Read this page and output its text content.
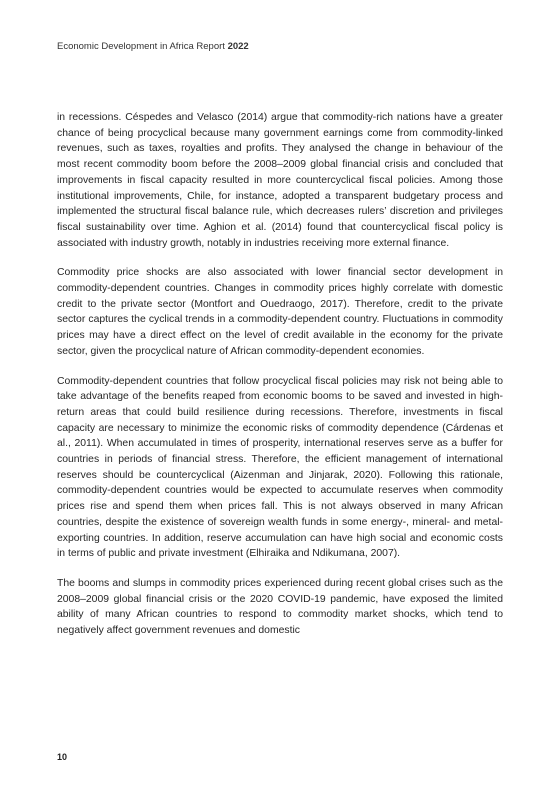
Economic Development in Africa Report 2022

in recessions. Céspedes and Velasco (2014) argue that commodity-rich nations have a greater chance of being procyclical because many government earnings come from commodity-linked revenues, such as taxes, royalties and profits. They analysed the change in behaviour of the most recent commodity boom before the 2008–2009 global financial crisis and concluded that improvements in fiscal capacity resulted in more countercyclical fiscal policies. Among those institutional improvements, Chile, for instance, adopted a transparent budgetary process and implemented the structural fiscal balance rule, which decreases rulers’ discretion and privileges fiscal sustainability over time. Aghion et al. (2014) found that countercyclical fiscal policy is associated with industry growth, notably in industries receiving more external finance.

Commodity price shocks are also associated with lower financial sector development in commodity-dependent countries. Changes in commodity prices highly correlate with domestic credit to the private sector (Montfort and Ouedraogo, 2017). Therefore, credit to the private sector captures the cyclical trends in a commodity-dependent country. Fluctuations in commodity prices may have a direct effect on the level of credit available in the economy for the private sector, given the procyclical nature of African commodity-dependent economies.

Commodity-dependent countries that follow procyclical fiscal policies may risk not being able to take advantage of the benefits reaped from economic booms to be saved and invested in high-return areas that could build resilience during recessions. Therefore, investments in fiscal capacity are necessary to minimize the economic risks of commodity dependence (Cárdenas et al., 2011). When accumulated in times of prosperity, international reserves serve as a buffer for countries in periods of financial stress. Therefore, the efficient management of international reserves should be countercyclical (Aizenman and Jinjarak, 2020). Following this rationale, commodity-dependent countries would be expected to accumulate reserves when commodity prices rise and spend them when prices fall. This is not always observed in many African countries, despite the existence of sovereign wealth funds in some energy-, mineral- and metal-exporting countries. In addition, reserve accumulation can have high social and economic costs in terms of public and private investment (Elhiraika and Ndikumana, 2007).

The booms and slumps in commodity prices experienced during recent global crises such as the 2008–2009 global financial crisis or the 2020 COVID-19 pandemic, have exposed the limited ability of many African countries to respond to commodity market shocks, which tend to negatively affect government revenues and domestic

10
